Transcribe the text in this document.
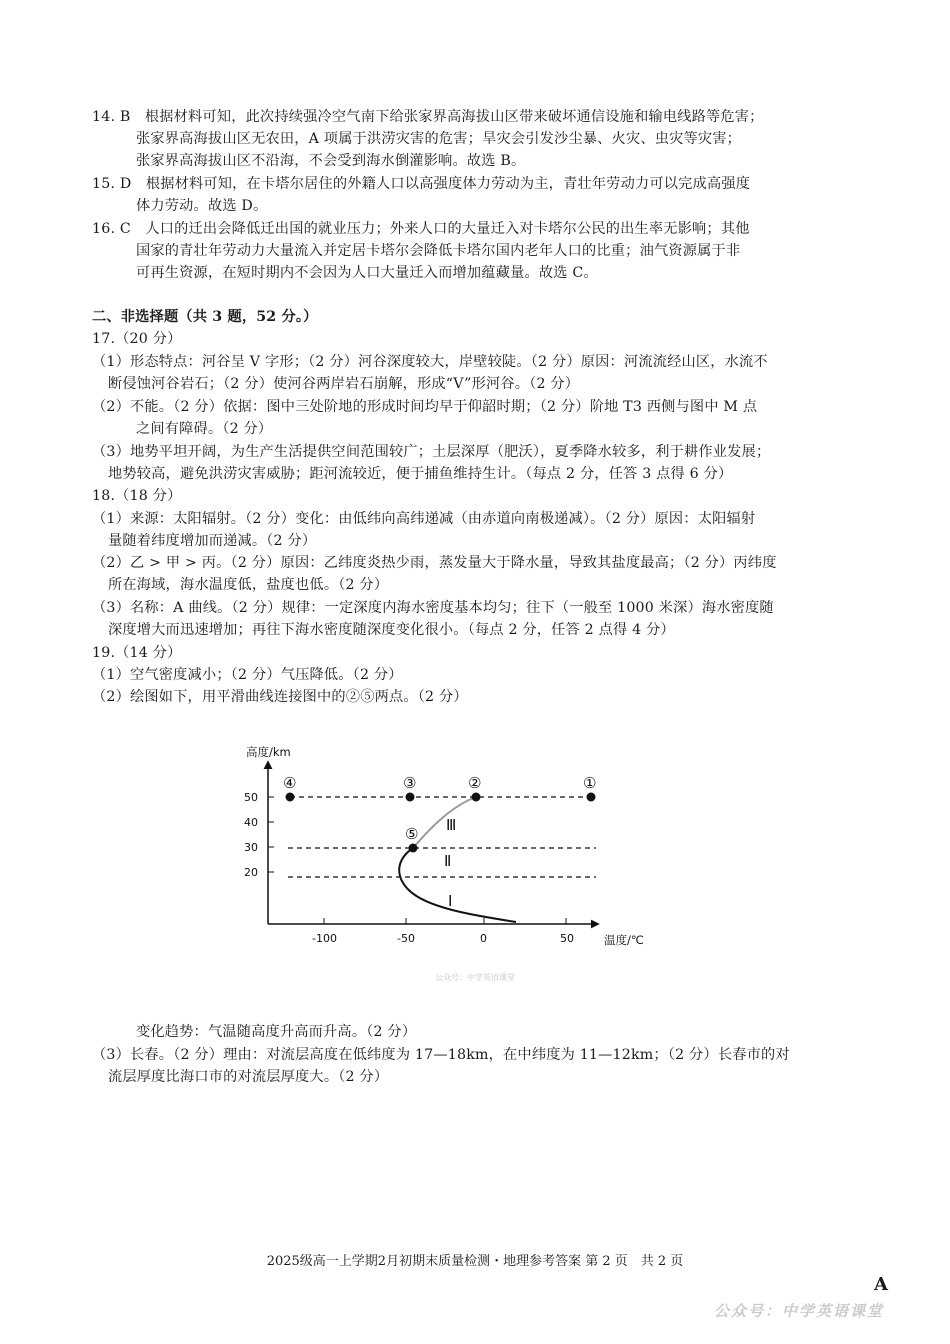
14. B　根据材料可知，此次持续强冷空气南下给张家界高海拔山区带来破坏通信设施和输电线路等危害；
张家界高海拔山区无农田，A 项属于洪涝灾害的危害；旱灾会引发沙尘暴、火灾、虫灾等灾害；
张家界高海拔山区不沿海，不会受到海水倒灌影响。故选 B。
15. D　根据材料可知，在卡塔尔居住的外籍人口以高强度体力劳动为主，青壮年劳动力可以完成高强度
体力劳动。故选 D。
16. C　人口的迁出会降低迁出国的就业压力；外来人口的大量迁入对卡塔尔公民的出生率无影响；其他
国家的青壮年劳动力大量流入并定居卡塔尔会降低卡塔尔国内老年人口的比重；油气资源属于非
可再生资源，在短时期内不会因为人口大量迁入而增加蕴藏量。故选 C。
二、非选择题（共 3 题，52 分。）
17.（20 分）
（1）形态特点：河谷呈 V 字形；（2 分）河谷深度较大，岸壁较陡。（2 分）原因：河流流经山区，水流不
断侵蚀河谷岩石；（2 分）使河谷两岸岩石崩解，形成“V”形河谷。（2 分）
（2）不能。（2 分）依据：图中三处阶地的形成时间均早于仰韶时期；（2 分）阶地 T3 西侧与图中 M 点
之间有障碍。（2 分）
（3）地势平坦开阔，为生产生活提供空间范围较广；土层深厚（肥沃），夏季降水较多，利于耕作业发展；
地势较高，避免洪涝灾害威胁；距河流较近，便于捕鱼维持生计。（每点 2 分，任答 3 点得 6 分）
18.（18 分）
（1）来源：太阳辐射。（2 分）变化：由低纬向高纬递减（由赤道向南极递减）。（2 分）原因：太阳辐射
量随着纬度增加而递减。（2 分）
（2）乙 > 甲 > 丙。（2 分）原因：乙纬度炎热少雨，蒸发量大于降水量，导致其盐度最高；（2 分）丙纬度
所在海域，海水温度低，盐度也低。（2 分）
（3）名称：A 曲线。（2 分）规律：一定深度内海水密度基本均匀；往下（一般至 1000 米深）海水密度随
深度增大而迅速增加；再往下海水密度随深度变化很小。（每点 2 分，任答 2 点得 4 分）
19.（14 分）
（1）空气密度减小；（2 分）气压降低。（2 分）
（2）绘图如下，用平滑曲线连接图中的②⑤两点。（2 分）
高度/km
温度/℃
50
40
30
20
-100	-50	0	50
④	③	②	①
⑤ Ⅲ
Ⅱ
Ⅰ
公众号：中学英语课堂
变化趋势：气温随高度升高而升高。（2 分）
（3）长春。（2 分）理由：对流层高度在低纬度为 17—18km，在中纬度为 11—12km；（2 分）长春市的对
流层厚度比海口市的对流层厚度大。（2 分）
2025级高一上学期2月初期末质量检测・地理参考答案 第 2 页　共 2 页
A
公众号：中学英语课堂
